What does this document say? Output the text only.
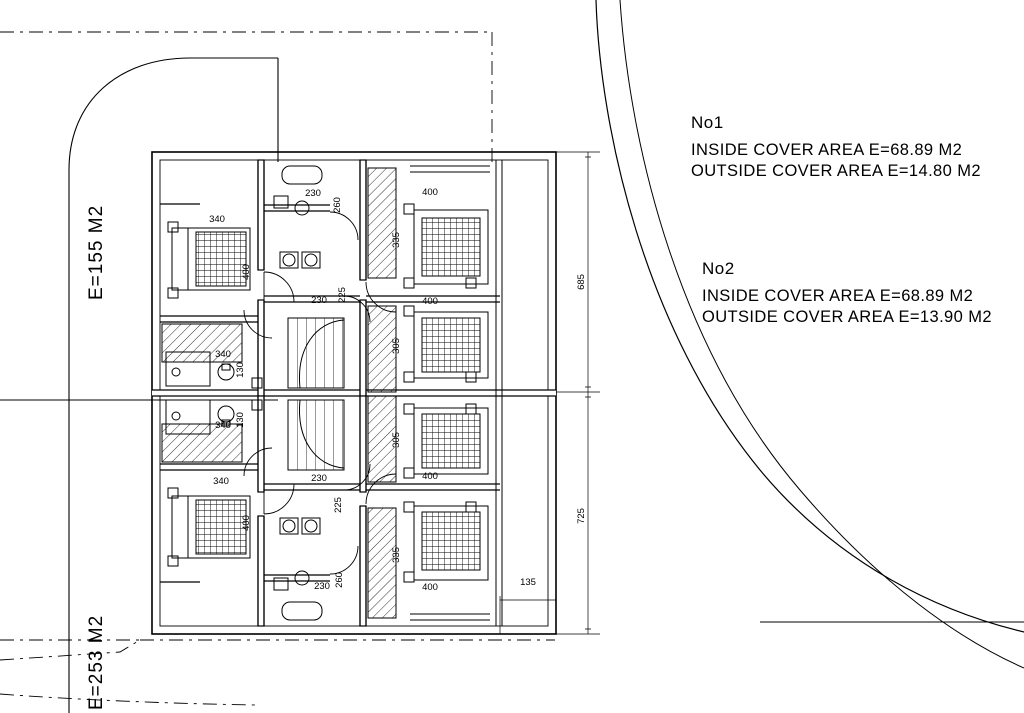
230
340
230
400
400
340
340
340	230
230
400
400	135
260
400
335
225
305
130
130
305
225
400
335
260
685
725
E=155 M2
E=253 M2
No1
INSIDE COVER AREA E=68.89 M2
OUTSIDE COVER AREA E=14.80 M2
No2
INSIDE COVER AREA E=68.89 M2
OUTSIDE COVER AREA E=13.90 M2
